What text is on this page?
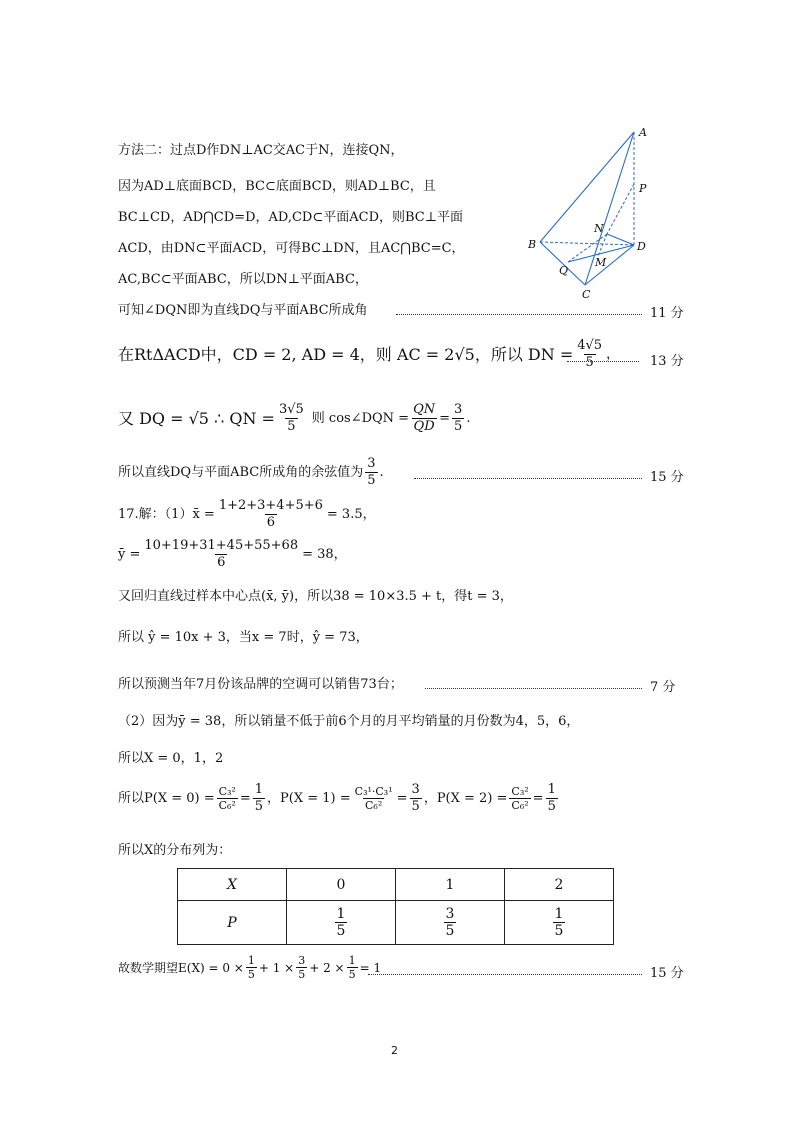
方法二：过点D作DN⊥AC交AC于N，连接QN，
因为AD⊥底面BCD，BC⊂底面BCD，则AD⊥BC，且
BC⊥CD，AD⋂CD=D，AD,CD⊂平面ACD，则BC⊥平面
ACD，由DN⊂平面ACD，可得BC⊥DN，且AC⋂BC=C，
AC,BC⊂平面ABC，所以DN⊥平面ABC，
可知∠DQN即为直线DQ与平面ABC所成角	11 分
A
P
N
B	D
M
Q
C
在RtΔACD中，CD = 2, AD = 4，则 AC = 2√5，所以 DN = $\frac{4√5}{5}$ ， 13 分
又 DQ = √5 ∴ QN = $\frac{3√5}{5}$ 则 cos∠DQN = $\frac{QN}{QD} = \frac{3}{5}$ .
所以直线DQ与平面ABC所成角的余弦值为 $\frac{3}{5}$ .	15 分
17.解：（1）x̄ = $\frac{1+2+3+4+5+6}{6} = 3.5$，
ȳ = $\frac{10+19+31+45+55+68}{6} = 38$，
又回归直线过样本中心点(x̄, ȳ)，所以38 = 10×3.5 + t，得t = 3，
所以 ŷ = 10x + 3，当x = 7时，ŷ = 73，
所以预测当年7月份该品牌的空调可以销售73台；	7 分
（2）因为ȳ = 38，所以销量不低于前6个月的月平均销量的月份数为4，5，6，
所以X = 0，1，2
所以$P(X = 0) = \frac{\text{C₃²}}{\text{C₆²}} = \frac{1}{5}$ ，$P(X = 1) = \frac{\text{C₃¹·C₃¹}}{\text{C₆²}} = \frac{3}{5}$ ，$P(X = 2) = \frac{\text{C₃²}}{\text{C₆²}} = \frac{1}{5}$
所以X的分布列为：
X	0	1	2
P	$\frac{1}{5}$	$\frac{3}{5}$	$\frac{1}{5}$
故数学期望$E(X) = 0 \times \frac{1}{5} + 1 \times \frac{3}{5} + 2 \times \frac{1}{5} = 1$	15 分
2
